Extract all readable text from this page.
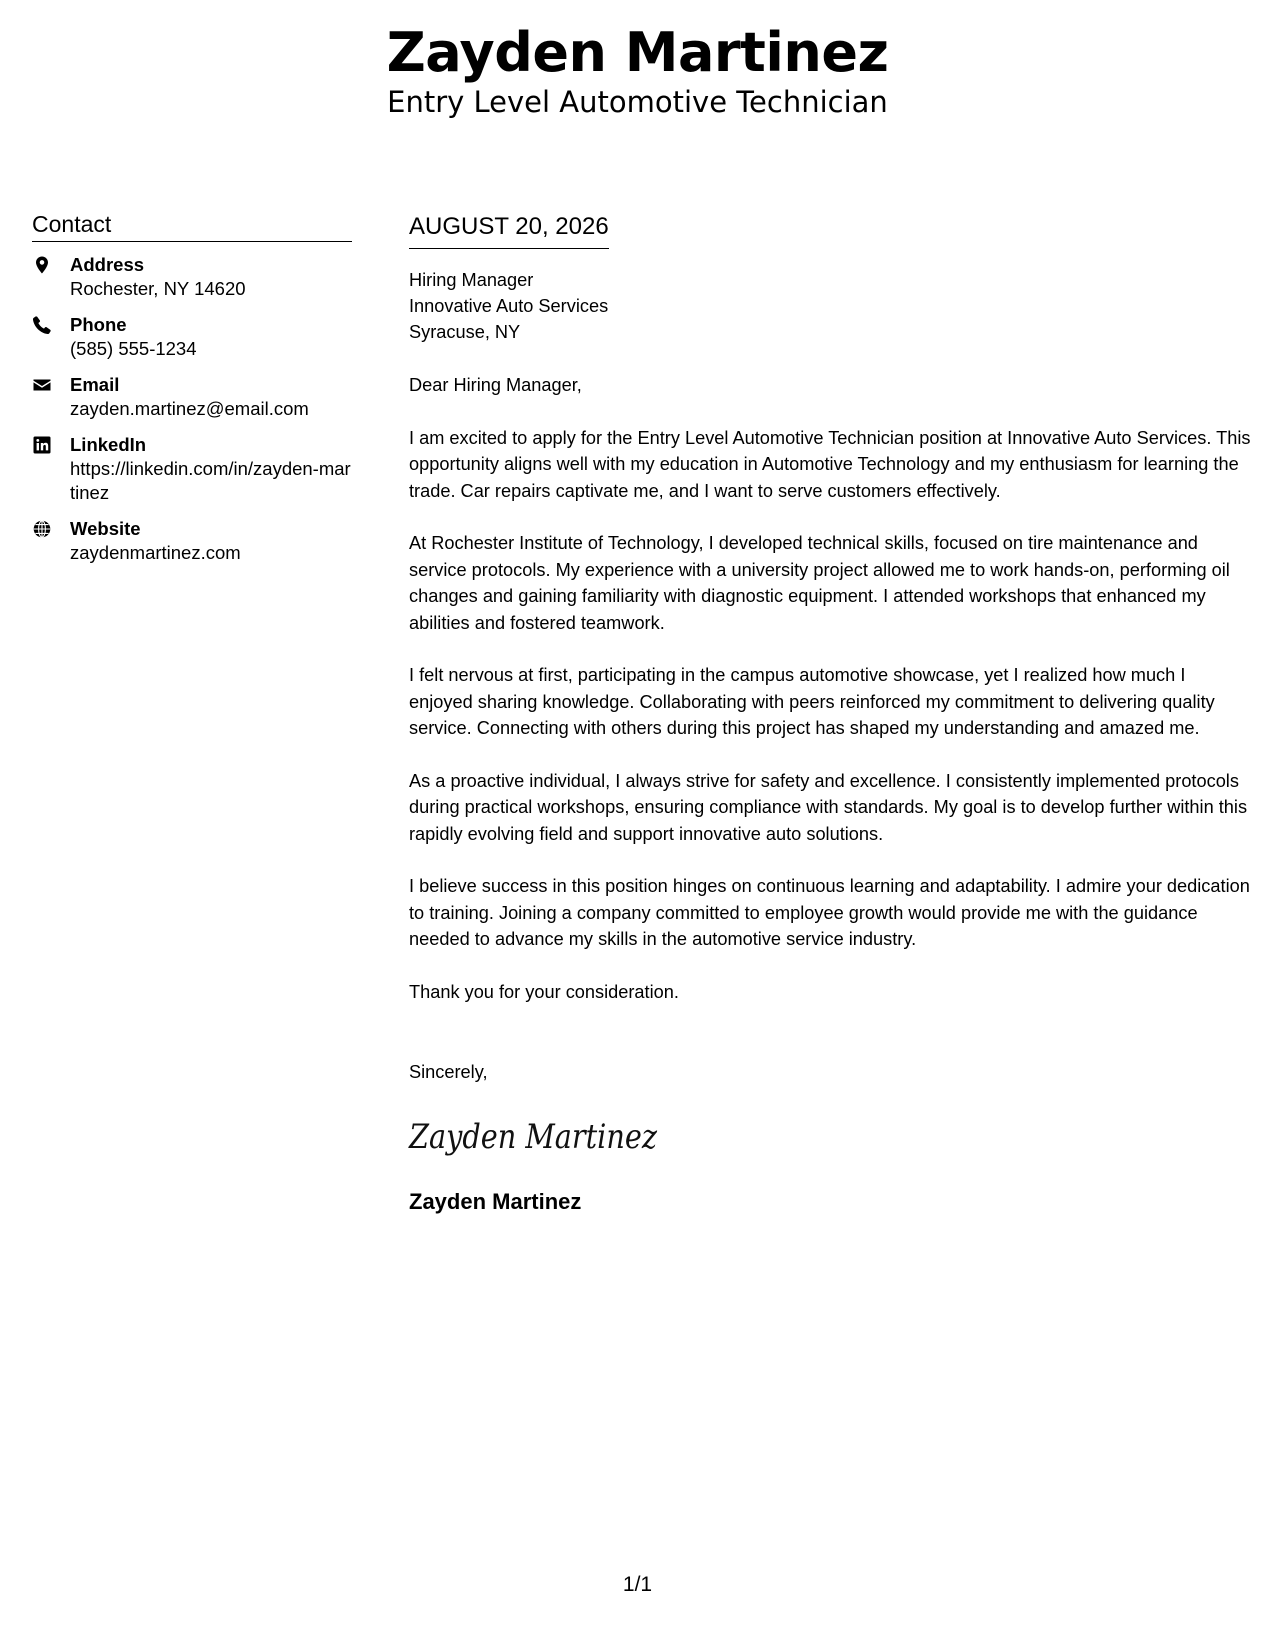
Zayden Martinez
Entry Level Automotive Technician
Contact
Address
Rochester, NY 14620
Phone
(585) 555-1234
Email
zayden.martinez@email.com
LinkedIn
https://linkedin.com/in/zayden-martinez
Website
zaydenmartinez.com
AUGUST 20, 2026
Hiring Manager
Innovative Auto Services
Syracuse, NY
Dear Hiring Manager,
I am excited to apply for the Entry Level Automotive Technician position at Innovative Auto Services. This opportunity aligns well with my education in Automotive Technology and my enthusiasm for learning the trade. Car repairs captivate me, and I want to serve customers effectively.
At Rochester Institute of Technology, I developed technical skills, focused on tire maintenance and service protocols. My experience with a university project allowed me to work hands-on, performing oil changes and gaining familiarity with diagnostic equipment. I attended workshops that enhanced my abilities and fostered teamwork.
I felt nervous at first, participating in the campus automotive showcase, yet I realized how much I enjoyed sharing knowledge. Collaborating with peers reinforced my commitment to delivering quality service. Connecting with others during this project has shaped my understanding and amazed me.
As a proactive individual, I always strive for safety and excellence. I consistently implemented protocols during practical workshops, ensuring compliance with standards. My goal is to develop further within this rapidly evolving field and support innovative auto solutions.
I believe success in this position hinges on continuous learning and adaptability. I admire your dedication to training. Joining a company committed to employee growth would provide me with the guidance needed to advance my skills in the automotive service industry.
Thank you for your consideration.
Sincerely,
Zayden Martinez
Zayden Martinez
1/1
